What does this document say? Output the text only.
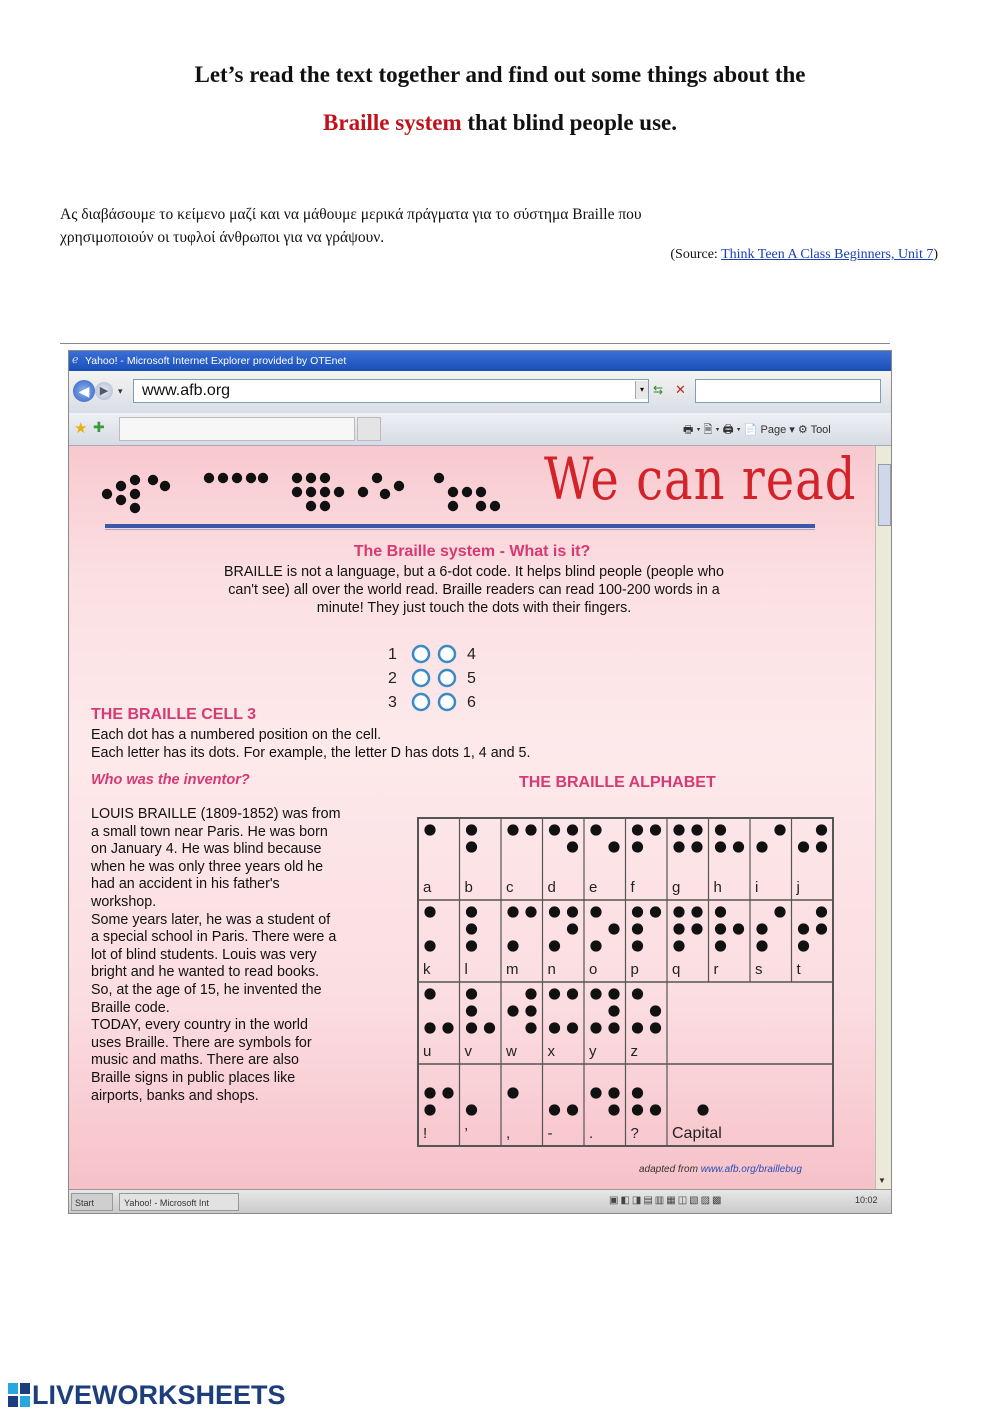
Let’s read the text together and find out some things about the
Braille system that blind people use.
Ας διαβάσουμε το κείμενο μαζί και να μάθουμε μερικά πράγματα για το σύστημα Braille που
χρησιμοποιούν οι τυφλοί άνθρωποι για να γράψουν.
(Source: Think Teen A Class Beginners, Unit 7)
ℯ Yahoo! - Microsoft Internet Explorer provided by OTEnet
◀ ▶	▾	www.afb.org	▾ ⇆ ✕
★ ✚	🖶 ▾ 🗎 ▾ 🖨 ▾ 📄 Page ▾ ⚙ Tool
We can read
The Braille system - What is it?
BRAILLE is not a language, but a 6-dot code. It helps blind people (people who
can't see) all over the world read. Braille readers can read 100-200 words in a
minute! They just touch the dots with their fingers.
1
2
3
4
5
6
THE BRAILLE CELL 3
Each dot has a numbered position on the cell.
Each letter has its dots. For example, the letter D has dots 1, 4 and 5.
Who was the inventor?	THE BRAILLE ALPHABET
LOUIS BRAILLE (1809-1852) was from
a small town near Paris. He was born
on January 4. He was blind because
when he was only three years old he
had an accident in his father's
workshop.
Some years later, he was a student of
a special school in Paris. There were a
lot of blind students. Louis was very
bright and he wanted to read books.
So, at the age of 15, he invented the
Braille code.
TODAY, every country in the world
uses Braille. There are symbols for
music and maths. There are also
Braille signs in public places like
airports, banks and shops.
a b c d e f g h i	j
k l	m n o p q r s t
u v w x y z
! ’	, - . ? Capital
adapted from www.afb.org/braillebug
▼
Start	Yahoo! - Microsoft Int	▣◧◨▤▥▦◫▧▨▩	10:02
LIVEWORKSHEETS
